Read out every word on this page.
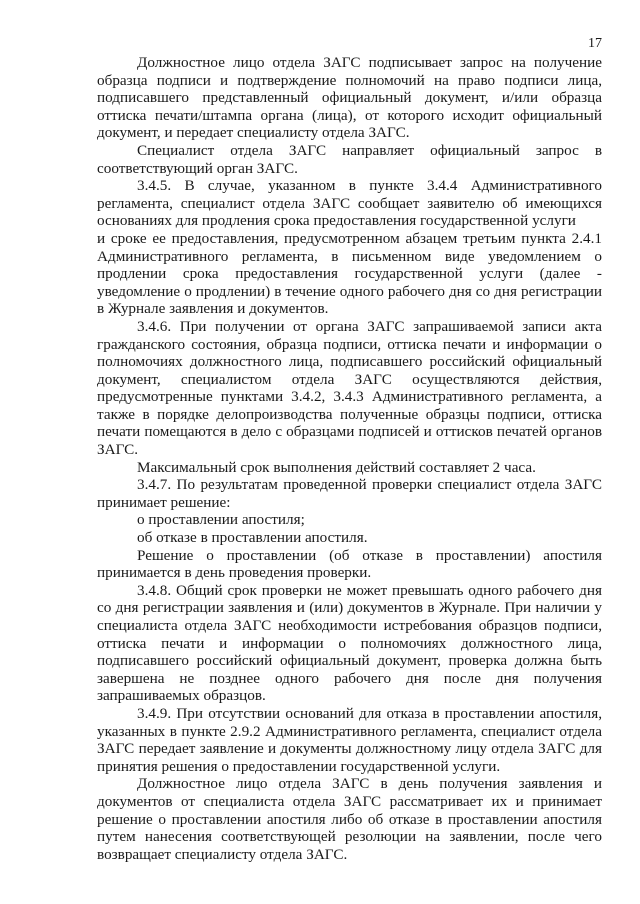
17

Должностное лицо отдела ЗАГС подписывает запрос на получение образца подписи и подтверждение полномочий на право подписи лица, подписавшего представленный официальный документ, и/или образца оттиска печати/штампа органа (лица), от которого исходит официальный документ, и передает специалисту отдела ЗАГС.

Специалист отдела ЗАГС направляет официальный запрос в соответствующий орган ЗАГС.

3.4.5. В случае, указанном в пункте 3.4.4 Административного регламента, специалист отдела ЗАГС сообщает заявителю об имеющихся основаниях для продления срока предоставления государственной услуги

и сроке ее предоставления, предусмотренном абзацем третьим пункта 2.4.1 Административного регламента, в письменном виде уведомлением о продлении срока предоставления государственной услуги (далее - уведомление о продлении) в течение одного рабочего дня со дня регистрации в Журнале заявления и документов.

3.4.6. При получении от органа ЗАГС запрашиваемой записи акта гражданского состояния, образца подписи, оттиска печати и информации о полномочиях должностного лица, подписавшего российский официальный документ, специалистом отдела ЗАГС осуществляются действия, предусмотренные пунктами 3.4.2, 3.4.3 Административного регламента, а также в порядке делопроизводства полученные образцы подписи, оттиска печати помещаются в дело с образцами подписей и оттисков печатей органов ЗАГС.

Максимальный срок выполнения действий составляет 2 часа.

3.4.7. По результатам проведенной проверки специалист отдела ЗАГС принимает решение:

о проставлении апостиля;

об отказе в проставлении апостиля.

Решение о проставлении (об отказе в проставлении) апостиля принимается в день проведения проверки.

3.4.8. Общий срок проверки не может превышать одного рабочего дня со дня регистрации заявления и (или) документов в Журнале. При наличии у специалиста отдела ЗАГС необходимости истребования образцов подписи, оттиска печати и информации о полномочиях должностного лица, подписавшего российский официальный документ, проверка должна быть завершена не позднее одного рабочего дня после дня получения запрашиваемых образцов.

3.4.9. При отсутствии оснований для отказа в проставлении апостиля, указанных в пункте 2.9.2 Административного регламента, специалист отдела ЗАГС передает заявление и документы должностному лицу отдела ЗАГС для принятия решения о предоставлении государственной услуги.

Должностное лицо отдела ЗАГС в день получения заявления и документов от специалиста отдела ЗАГС рассматривает их и принимает решение о проставлении апостиля либо об отказе в проставлении апостиля путем нанесения соответствующей резолюции на заявлении, после чего возвращает специалисту отдела ЗАГС.
